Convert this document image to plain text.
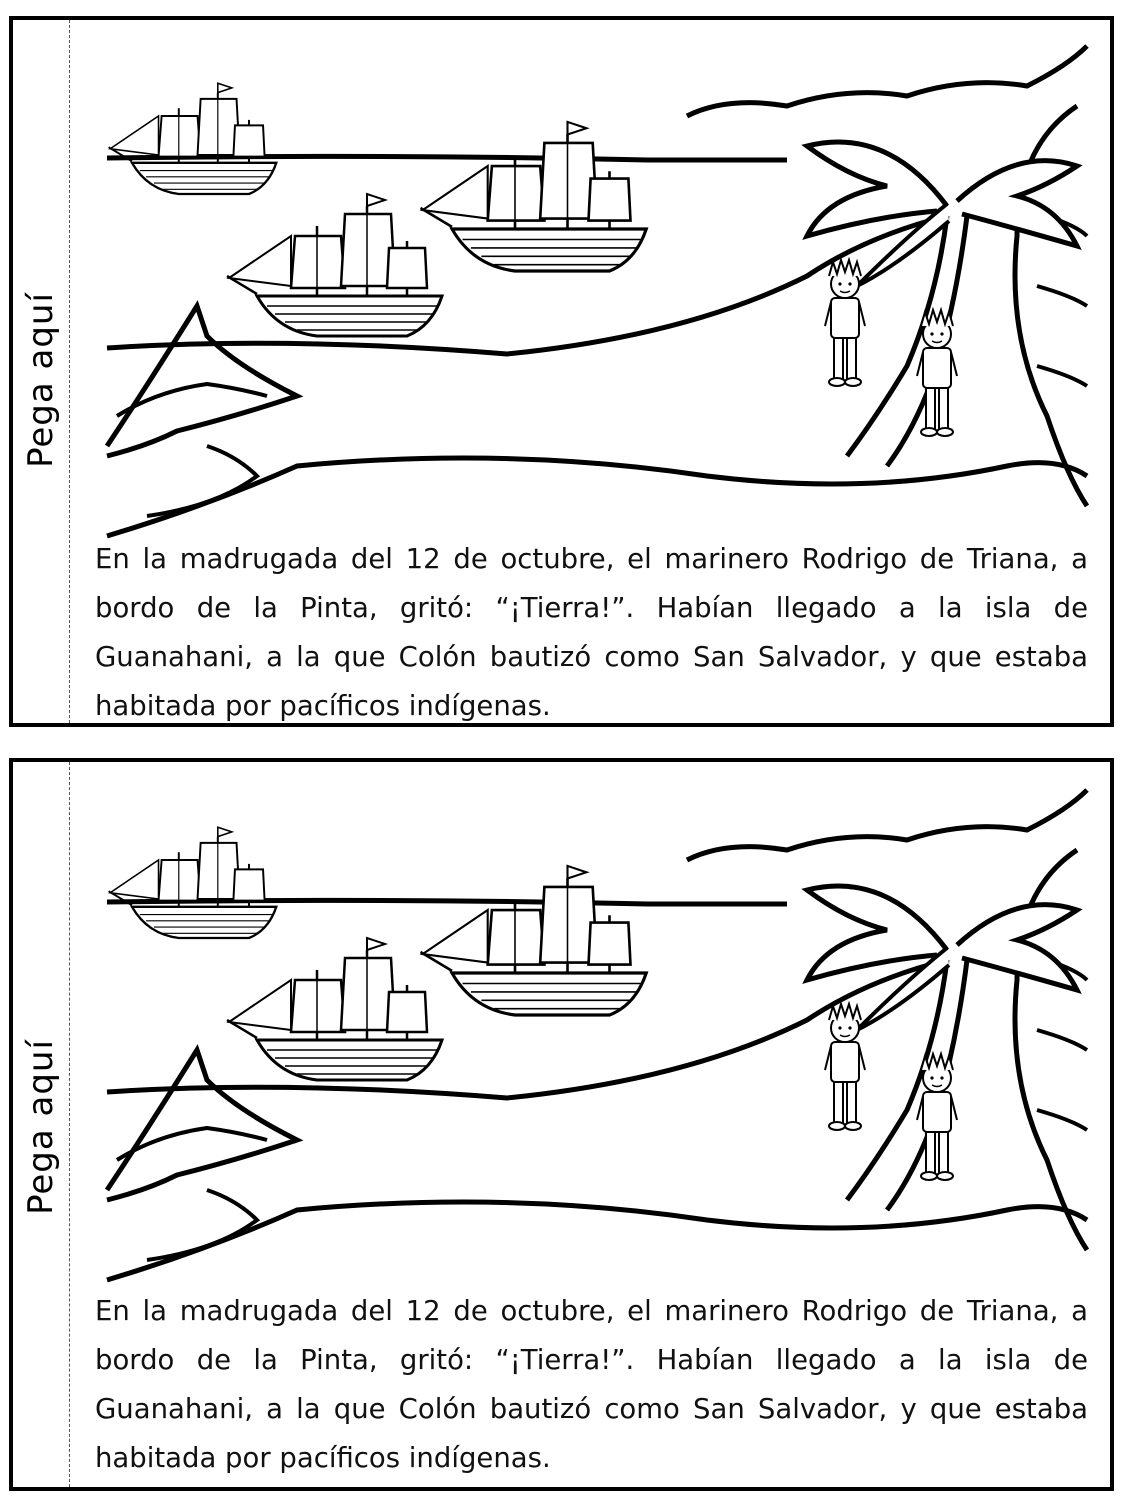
Pega aquí
En la madrugada del 12 de octubre, el marinero Rodrigo de Triana, a bordo de la Pinta, gritó: “¡Tierra!”. Habían llegado a la isla de Guanahani, a la que Colón bautizó como San Salvador, y que estaba habitada por pacíficos indígenas.
Pega aquí
En la madrugada del 12 de octubre, el marinero Rodrigo de Triana, a bordo de la Pinta, gritó: “¡Tierra!”. Habían llegado a la isla de Guanahani, a la que Colón bautizó como San Salvador, y que estaba habitada por pacíficos indígenas.
